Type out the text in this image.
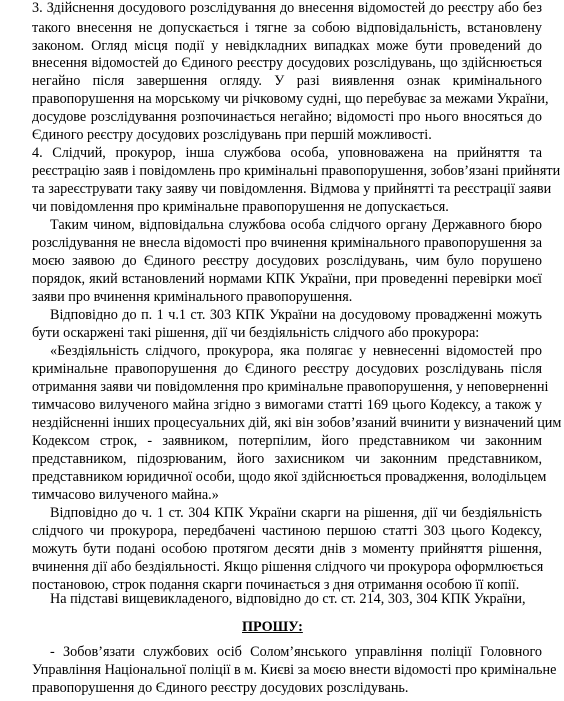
3. Здійснення досудового розслідування до внесення відомостей до реєстру або без
такого внесення не допускається і тягне за собою відповідальність, встановлену
законом. Огляд місця події у невідкладних випадках може бути проведений до
внесення відомостей до Єдиного реєстру досудових розслідувань, що здійснюється
негайно після завершення огляду. У разі виявлення ознак кримінального
правопорушення на морському чи річковому судні, що перебуває за межами України,
досудове розслідування розпочинається негайно; відомості про нього вносяться до
Єдиного реєстру досудових розслідувань при першій можливості.
4. Слідчий, прокурор, інша службова особа, уповноважена на прийняття та
реєстрацію заяв і повідомлень про кримінальні правопорушення, зобов’язані прийняти
та зареєструвати таку заяву чи повідомлення. Відмова у прийнятті та реєстрації заяви
чи повідомлення про кримінальне правопорушення не допускається.
Таким чином, відповідальна службова особа слідчого органу Державного бюро
розслідування не внесла відомості про вчинення кримінального правопорушення за
моєю заявою до Єдиного реєстру досудових розслідувань, чим було порушено
порядок, який встановлений нормами КПК України, при проведенні перевірки моєї
заяви про вчинення кримінального правопорушення.
Відповідно до п. 1 ч.1 ст. 303 КПК України на досудовому провадженні можуть
бути оскаржені такі рішення, дії чи бездіяльність слідчого або прокурора:
«Бездіяльність слідчого, прокурора, яка полягає у невнесенні відомостей про
кримінальне правопорушення до Єдиного реєстру досудових розслідувань після
отримання заяви чи повідомлення про кримінальне правопорушення, у неповерненні
тимчасово вилученого майна згідно з вимогами статті 169 цього Кодексу, а також у
нездійсненні інших процесуальних дій, які він зобов’язаний вчинити у визначений цим
Кодексом строк, - заявником, потерпілим, його представником чи законним
представником, підозрюваним, його захисником чи законним представником,
представником юридичної особи, щодо якої здійснюється провадження, володільцем
тимчасово вилученого майна.»
Відповідно до ч. 1 ст. 304 КПК України скарги на рішення, дії чи бездіяльність
слідчого чи прокурора, передбачені частиною першою статті 303 цього Кодексу,
можуть бути подані особою протягом десяти днів з моменту прийняття рішення,
вчинення дії або бездіяльності. Якщо рішення слідчого чи прокурора оформлюється
постановою, строк подання скарги починається з дня отримання особою її копії.
На підставі вищевикладеного, відповідно до ст. ст. 214, 303, 304 КПК України,
ПРОШУ:
- Зобов’язати службових осіб Солом’янського управління поліції Головного
Управління Національної поліції в м. Києві за моєю внести відомості про кримінальне
правопорушення до Єдиного реєстру досудових розслідувань.
